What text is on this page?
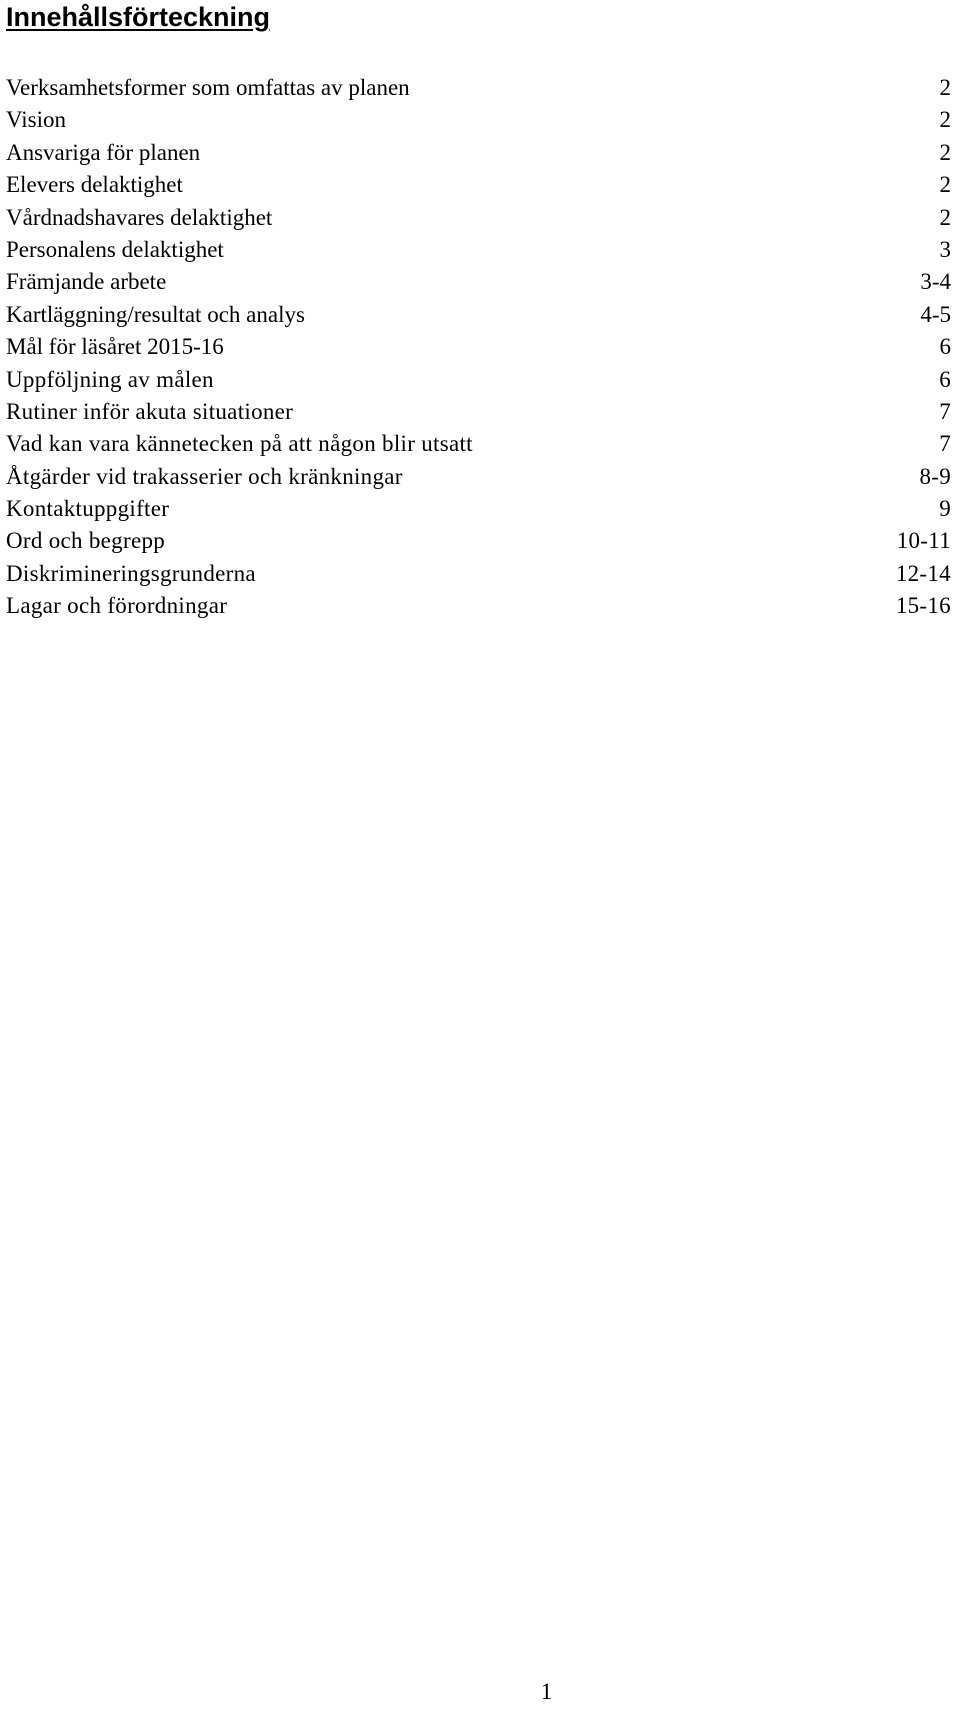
Innehållsförteckning
Verksamhetsformer som omfattas av planen	2
Vision	2
Ansvariga för planen	2
Elevers delaktighet	2
Vårdnadshavares delaktighet	2
Personalens delaktighet	3
Främjande arbete	3-4
Kartläggning/resultat och analys	4-5
Mål för läsåret 2015-16	6
Uppföljning av målen	6
Rutiner inför akuta situationer	7
Vad kan vara kännetecken på att någon blir utsatt	7
Åtgärder vid trakasserier och kränkningar	8-9
Kontaktuppgifter	9
Ord och begrepp	10-11
Diskrimineringsgrunderna	12-14
Lagar och förordningar	15-16
1
